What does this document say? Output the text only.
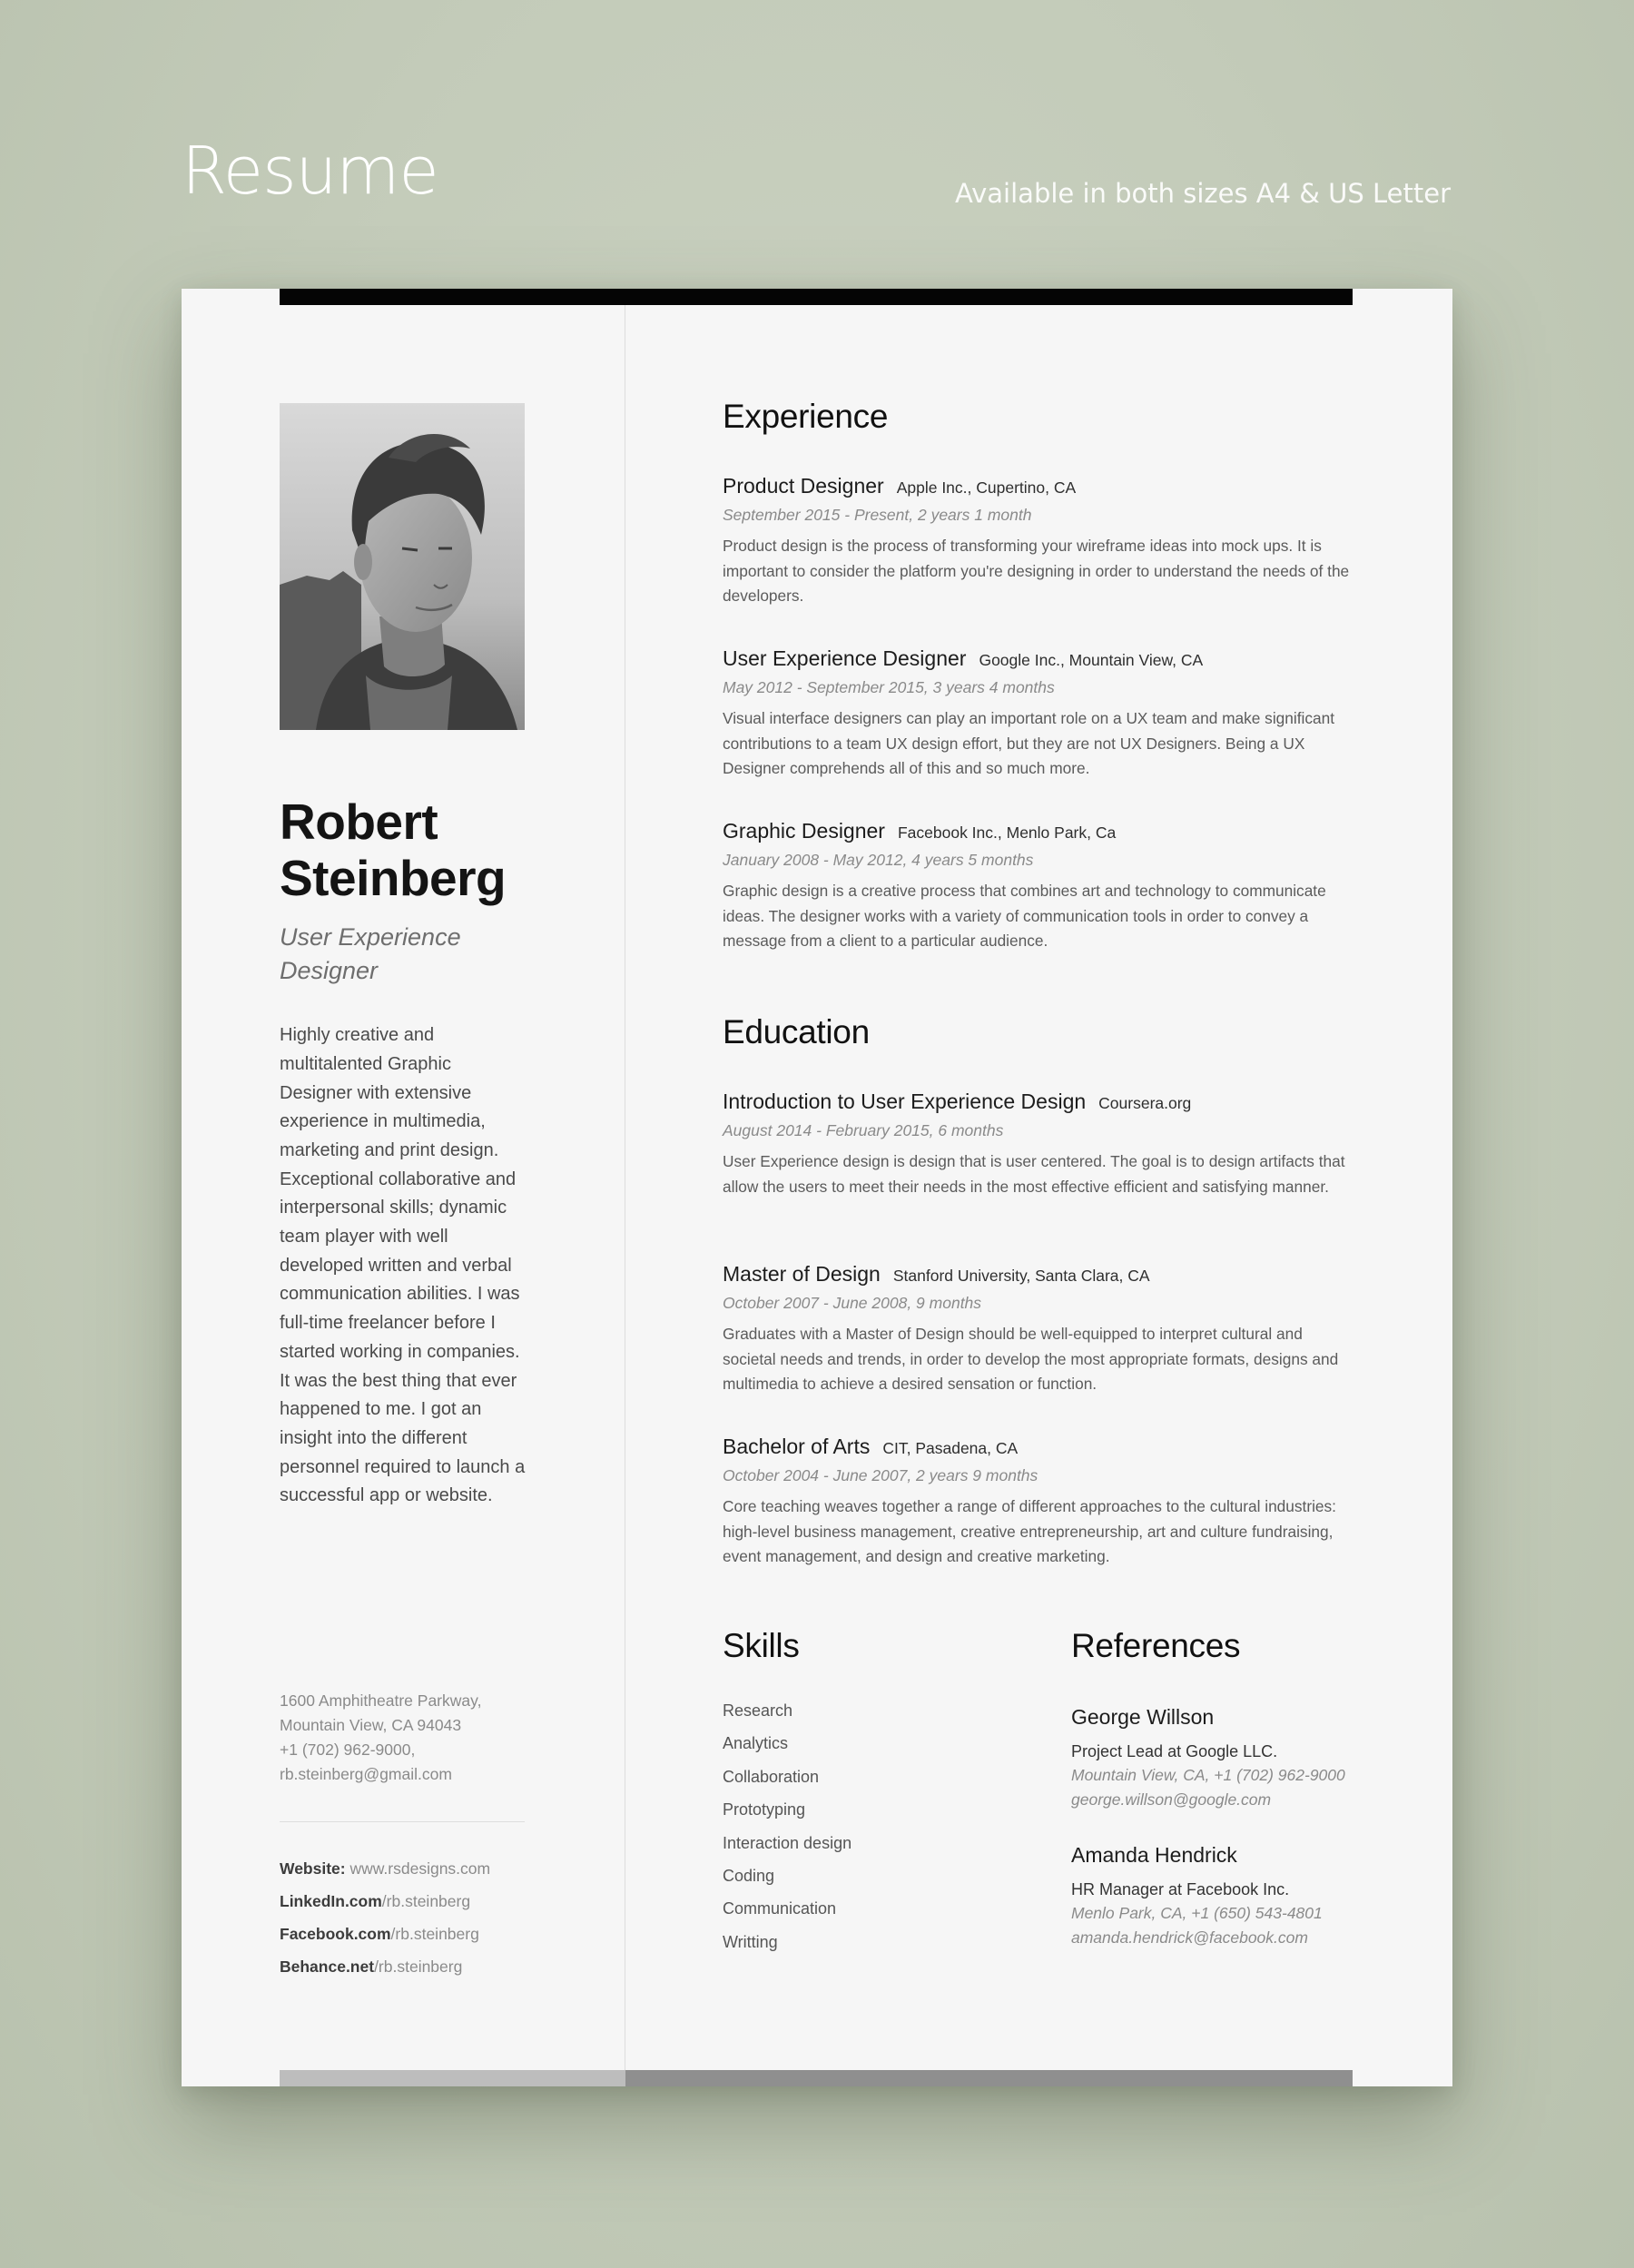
Resume	Available in both sizes A4 & US Letter
Robert
Steinberg
User Experience
Designer
Highly creative and multitalented Graphic Designer with extensive experience in multimedia, marketing and print design. Exceptional collaborative and interpersonal skills; dynamic team player with well developed written and verbal communication abilities. I was full-time freelancer before I started working in companies. It was the best thing that ever happened to me. I got an insight into the different personnel required to launch a successful app or website.
1600 Amphitheatre Parkway,
Mountain View, CA 94043
+1 (702) 962-9000,
rb.steinberg@gmail.com
Website: www.rsdesigns.com
LinkedIn.com/rb.steinberg
Facebook.com/rb.steinberg
Behance.net/rb.steinberg
Experience
Product Designer Apple Inc., Cupertino, CA
September 2015 - Present, 2 years 1 month
Product design is the process of transforming your wireframe ideas into mock ups. It is important to consider the platform you're designing in order to understand the needs of the developers.
User Experience Designer Google Inc., Mountain View, CA
May 2012 - September 2015, 3 years 4 months
Visual interface designers can play an important role on a UX team and make significant contributions to a team UX design effort, but they are not UX Designers. Being a UX Designer comprehends all of this and so much more.
Graphic Designer Facebook Inc., Menlo Park, Ca
January 2008 - May 2012, 4 years 5 months
Graphic design is a creative process that combines art and technology to communicate ideas. The designer works with a variety of communication tools in order to convey a message from a client to a particular audience.
Education
Introduction to User Experience Design Coursera.org
August 2014 - February 2015, 6 months
User Experience design is design that is user centered. The goal is to design artifacts that allow the users to meet their needs in the most effective efficient and satisfying manner.
Master of Design Stanford University, Santa Clara, CA
October 2007 - June 2008, 9 months
Graduates with a Master of Design should be well-equipped to interpret cultural and societal needs and trends, in order to develop the most appropriate formats, designs and multimedia to achieve a desired sensation or function.
Bachelor of Arts CIT, Pasadena, CA
October 2004 - June 2007, 2 years 9 months
Core teaching weaves together a range of different approaches to the cultural industries: high-level business management, creative entrepreneurship, art and culture fundraising, event management, and design and creative marketing.
Skills	References
Research
Analytics
Collaboration
Prototyping
Interaction design
Coding
Communication
Writting
George Willson
Project Lead at Google LLC.
Mountain View, CA, +1 (702) 962-9000
george.willson@google.com
Amanda Hendrick
HR Manager at Facebook Inc.
Menlo Park, CA, +1 (650) 543-4801
amanda.hendrick@facebook.com
